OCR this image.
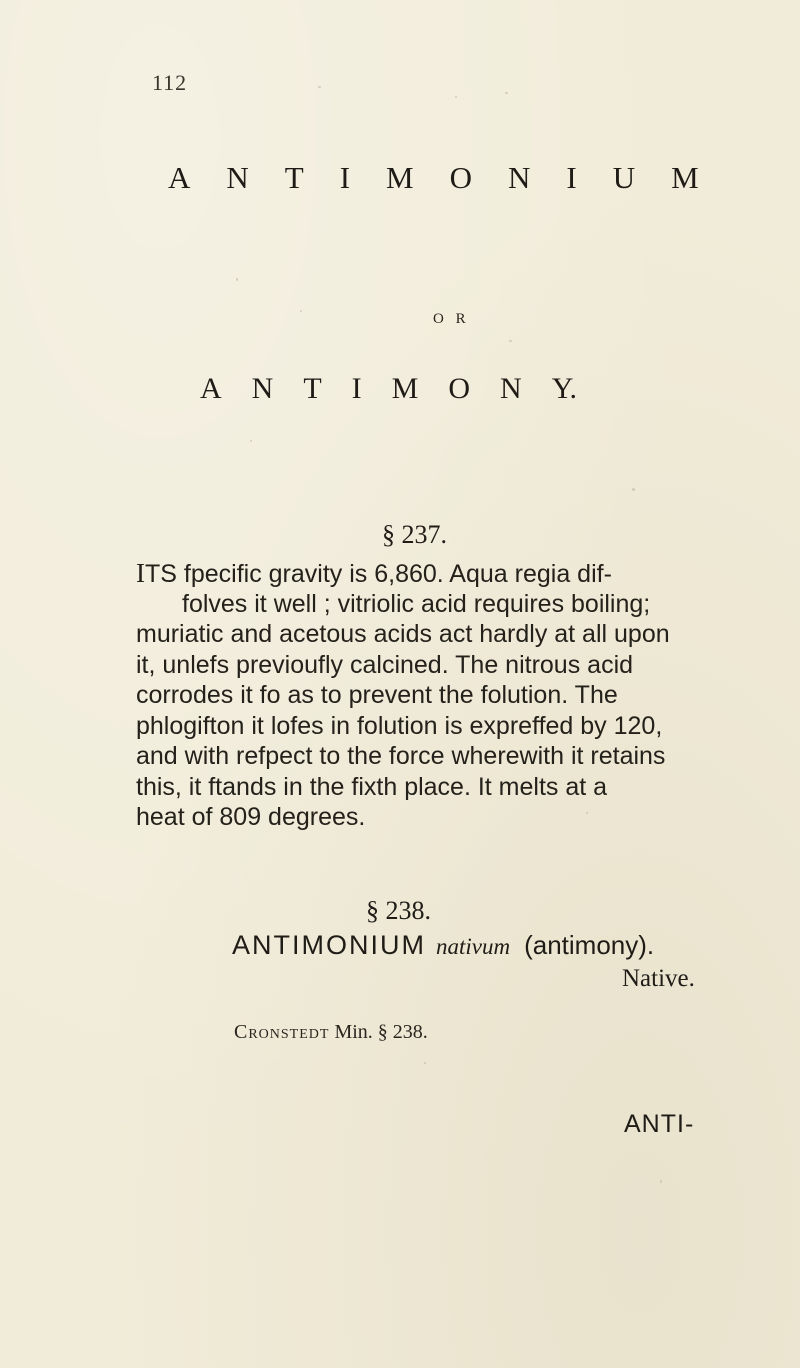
112
A N T I M O N I U M
O R
A N T I M O N Y.
§ 237.
ITS fpecific gravity is 6,860. Aqua regia dif-
folves it well ; vitriolic acid requires boiling;
muriatic and acetous acids act hardly at all upon
it, unlefs previoufly calcined. The nitrous acid
corrodes it fo as to prevent the folution. The
phlogifton it lofes in folution is expreffed by 120,
and with refpect to the force wherewith it retains
this, it ftands in the fixth place. It melts at a
heat of 809 degrees.
§ 238.
ANTIMONIUM nativum (antimony).
Native.
Cronstedt Min. § 238.
ANTI-
